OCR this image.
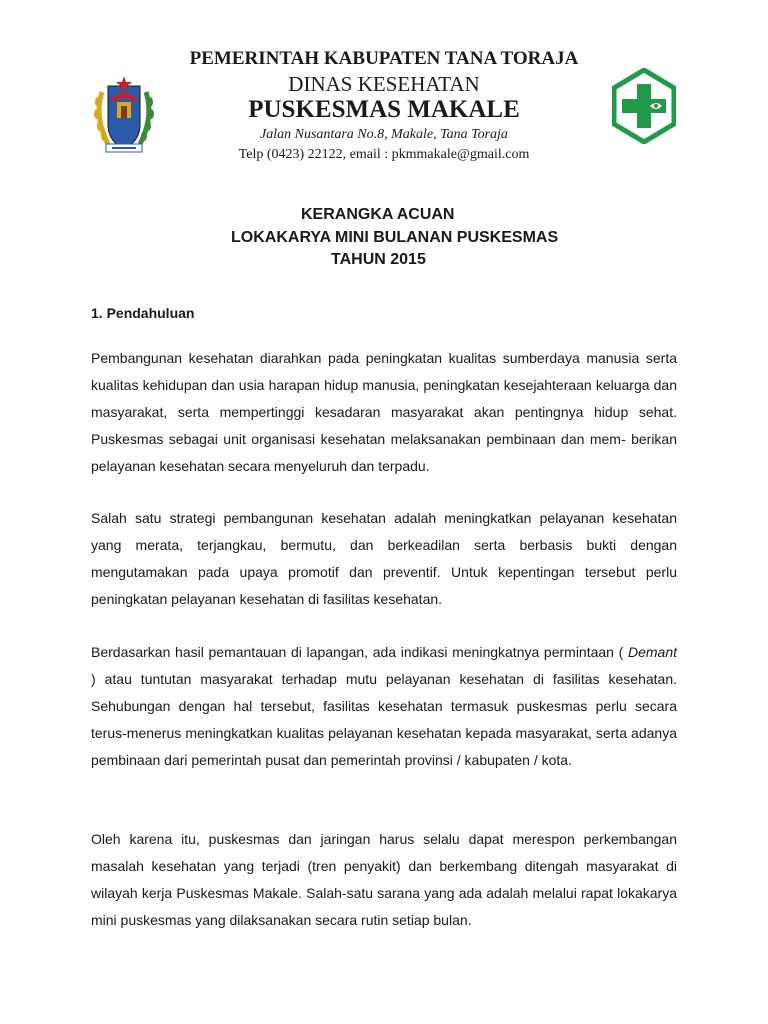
PEMERINTAH KABUPATEN TANA TORAJA
DINAS KESEHATAN
PUSKESMAS MAKALE
Jalan Nusantara No.8, Makale, Tana Toraja
Telp (0423) 22122, email : pkmmakale@gmail.com
KERANGKA ACUAN
LOKAKARYA MINI BULANAN PUSKESMAS
TAHUN 2015
1. Pendahuluan

Pembangunan kesehatan diarahkan pada peningkatan kualitas sumberdaya manusia serta kualitas kehidupan dan usia harapan hidup manusia, peningkatan kesejahteraan keluarga dan masyarakat, serta mempertinggi kesadaran masyarakat akan pentingnya hidup sehat. Puskesmas sebagai unit organisasi kesehatan melaksanakan pembinaan dan mem- berikan pelayanan kesehatan secara menyeluruh dan terpadu.

Salah satu strategi pembangunan kesehatan adalah meningkatkan pelayanan kesehatan yang merata, terjangkau, bermutu, dan berkeadilan serta berbasis bukti dengan mengutamakan pada upaya promotif dan preventif. Untuk kepentingan tersebut perlu peningkatan pelayanan kesehatan di fasilitas kesehatan.

Berdasarkan hasil pemantauan di lapangan, ada indikasi meningkatnya permintaan ( Demant ) atau tuntutan masyarakat terhadap mutu pelayanan kesehatan di fasilitas kesehatan. Sehubungan dengan hal tersebut, fasilitas kesehatan termasuk puskesmas perlu secara terus-menerus meningkatkan kualitas pelayanan kesehatan kepada masyarakat, serta adanya pembinaan dari pemerintah pusat dan pemerintah provinsi / kabupaten / kota.

Oleh karena itu, puskesmas dan jaringan harus selalu dapat merespon perkembangan masalah kesehatan yang terjadi (tren penyakit) dan berkembang ditengah masyarakat di wilayah kerja Puskesmas Makale. Salah-satu sarana yang ada adalah melalui rapat lokakarya mini puskesmas yang dilaksanakan secara rutin setiap bulan.
